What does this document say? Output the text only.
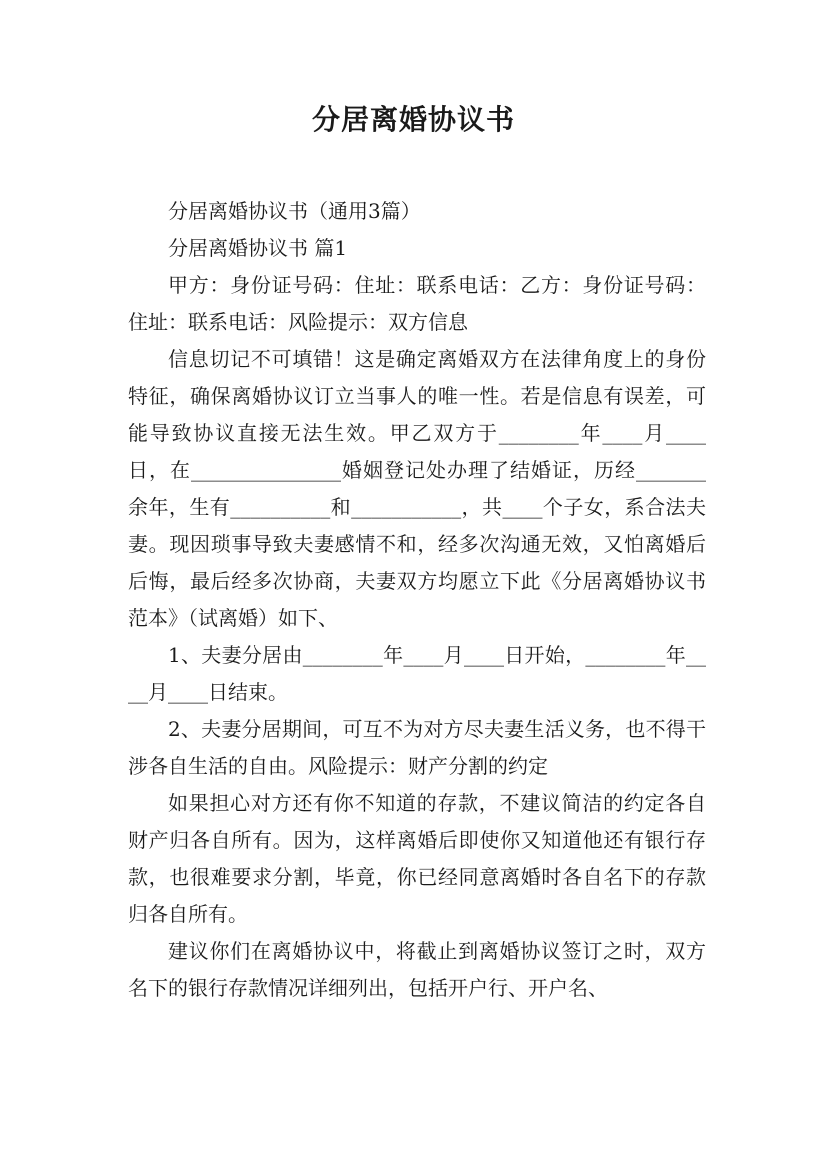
分居离婚协议书

分居离婚协议书（通用3篇）

分居离婚协议书 篇1

甲方：身份证号码：住址：联系电话：乙方：身份证号码：住址：联系电话：风险提示：双方信息

信息切记不可填错！这是确定离婚双方在法律角度上的身份特征，确保离婚协议订立当事人的唯一性。若是信息有误差，可能导致协议直接无法生效。甲乙双方于________年____月____日，在_______________婚姻登记处办理了结婚证，历经_______余年，生有__________和___________，共____个子女，系合法夫妻。现因琐事导致夫妻感情不和，经多次沟通无效，又怕离婚后后悔，最后经多次协商，夫妻双方均愿立下此《分居离婚协议书范本》（试离婚）如下、

1、夫妻分居由________年____月____日开始，________年____月____日结束。

2、夫妻分居期间，可互不为对方尽夫妻生活义务，也不得干涉各自生活的自由。风险提示：财产分割的约定

如果担心对方还有你不知道的存款，不建议简洁的约定各自财产归各自所有。因为，这样离婚后即使你又知道他还有银行存款，也很难要求分割，毕竟，你已经同意离婚时各自名下的存款归各自所有。

建议你们在离婚协议中，将截止到离婚协议签订之时，双方名下的银行存款情况详细列出，包括开户行、开户名、
